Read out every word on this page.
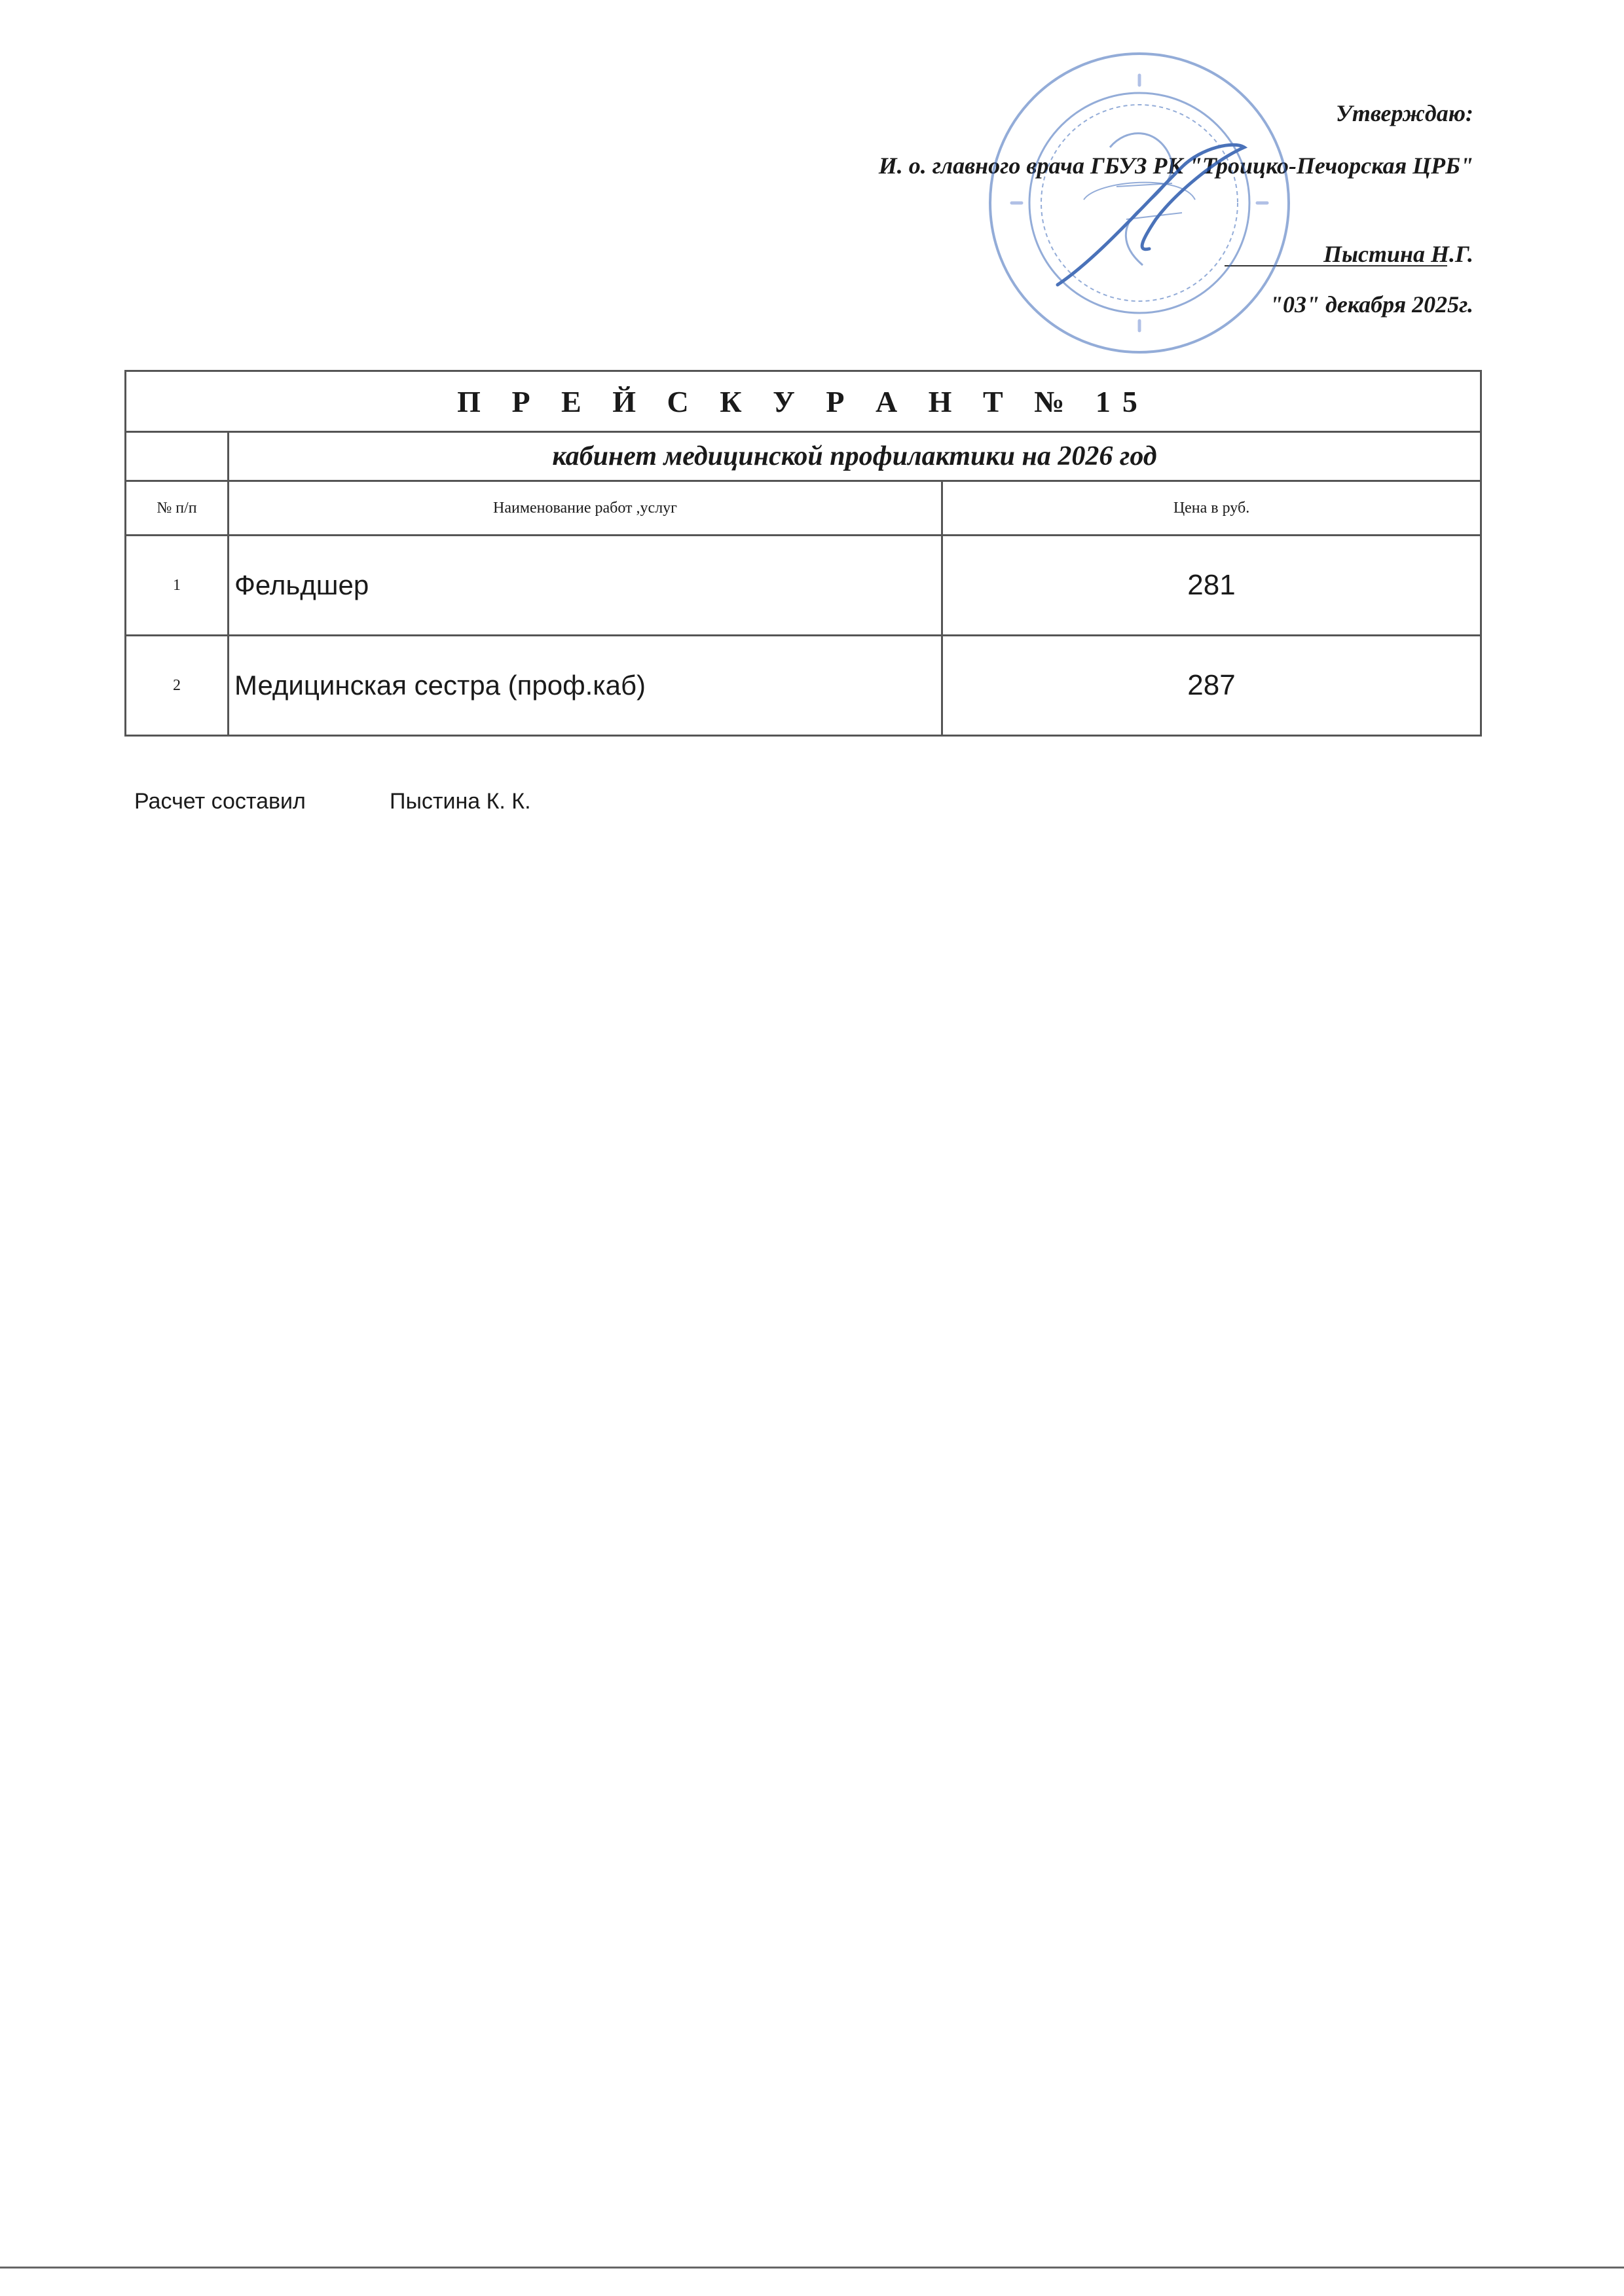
Утверждаю:
И. о. главного врача ГБУЗ РК "Троицко-Печорская ЦРБ"
Пыстина Н.Г.
"03" декабря 2025г.
П Р Е Й С К У Р А Н Т № 15		
	кабинет медицинской профилактики на 2026 год	
№ п/п	Наименование работ ,услуг	Цена в руб.
1	Фельдшер	281
2	Медицинская сестра (проф.каб)	287
Расчет составил	Пыстина К. К.
